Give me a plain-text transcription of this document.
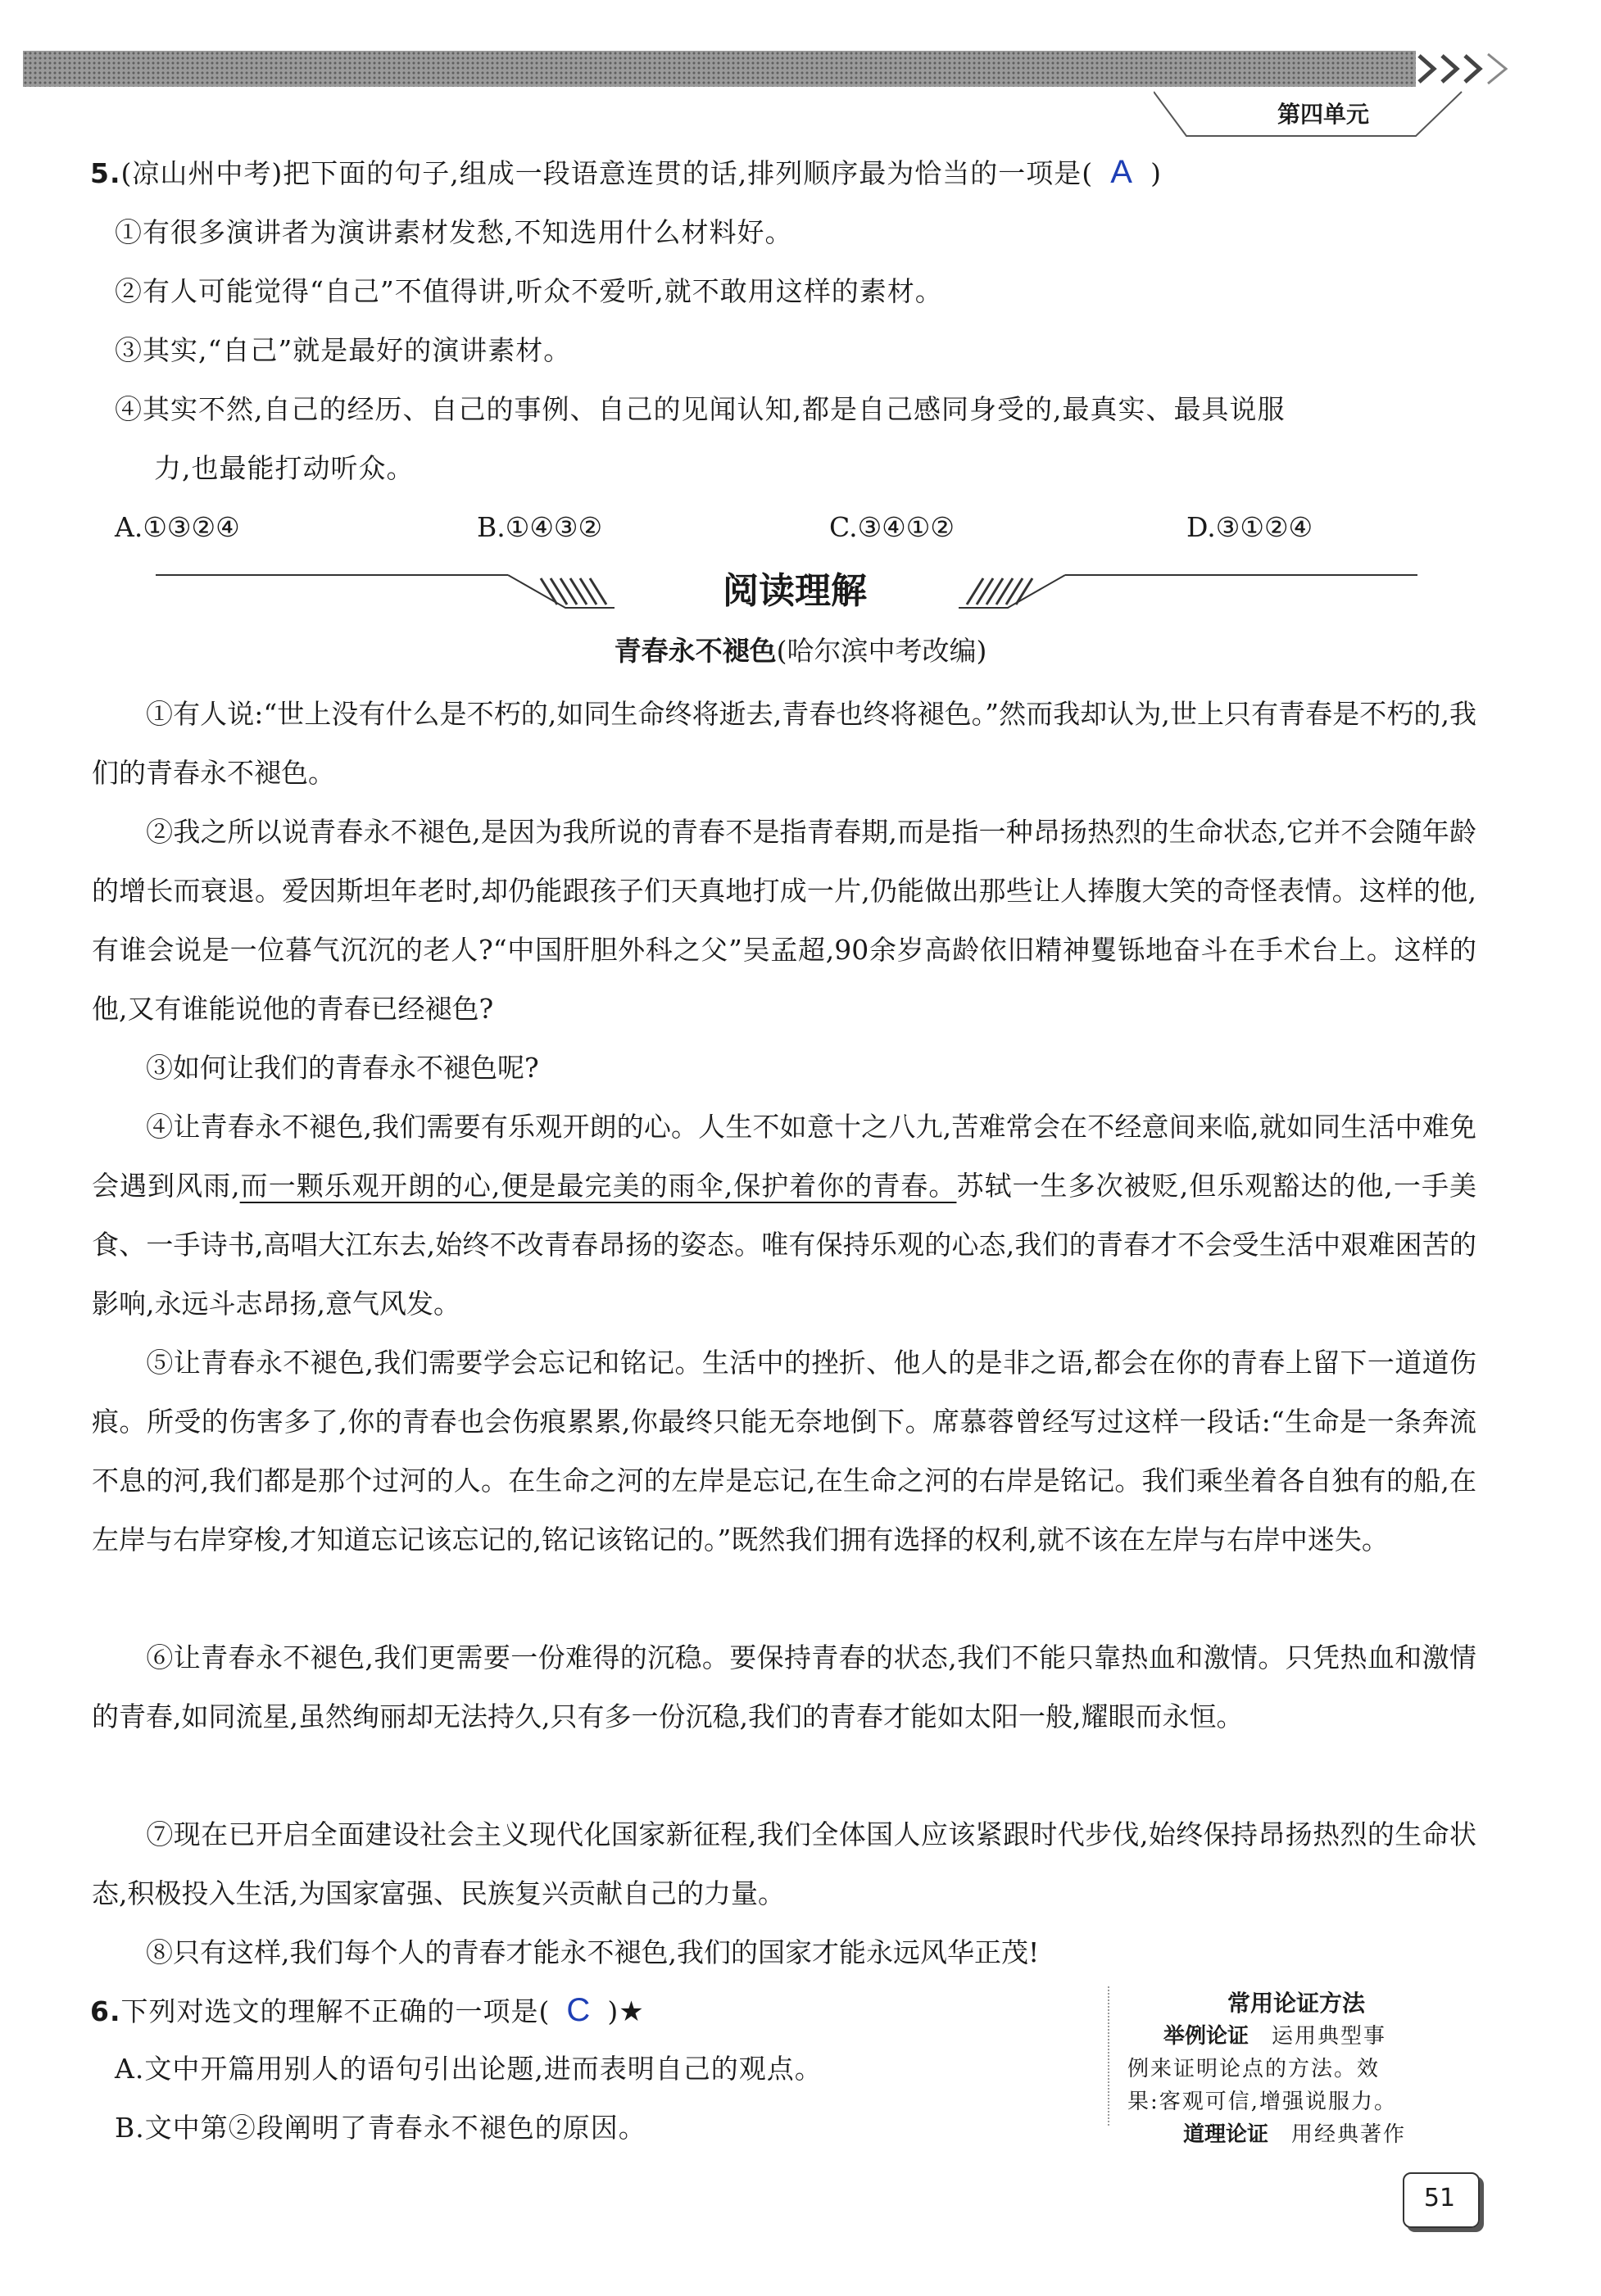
第四单元
5.(凉山州中考)把下面的句子,组成一段语意连贯的话,排列顺序最为恰当的一项是( A )
①有很多演讲者为演讲素材发愁,不知选用什么材料好。
②有人可能觉得“自己”不值得讲,听众不爱听,就不敢用这样的素材。
③其实,“自己”就是最好的演讲素材。
④其实不然,自己的经历、自己的事例、自己的见闻认知,都是自己感同身受的,最真实、最具说服
力,也最能打动听众。
A.①③②④	B.①④③②	C.③④①②	D.③①②④
阅读理解
青春永不褪色(哈尔滨中考改编)

①有人说:“世上没有什么是不朽的,如同生命终将逝去,青春也终将褪色。”然而我却认为,世上只有青春是不朽的,我们的青春永不褪色。

②我之所以说青春永不褪色,是因为我所说的青春不是指青春期,而是指一种昂扬热烈的生命状态,它并不会随年龄的增长而衰退。爱因斯坦年老时,却仍能跟孩子们天真地打成一片,仍能做出那些让人捧腹大笑的奇怪表情。这样的他,有谁会说是一位暮气沉沉的老人?“中国肝胆外科之父”吴孟超,90余岁高龄依旧精神矍铄地奋斗在手术台上。这样的他,又有谁能说他的青春已经褪色?

③如何让我们的青春永不褪色呢?

④让青春永不褪色,我们需要有乐观开朗的心。人生不如意十之八九,苦难常会在不经意间来临,就如同生活中难免会遇到风雨,而一颗乐观开朗的心,便是最完美的雨伞,保护着你的青春。苏轼一生多次被贬,但乐观豁达的他,一手美食、一手诗书,高唱大江东去,始终不改青春昂扬的姿态。唯有保持乐观的心态,我们的青春才不会受生活中艰难困苦的影响,永远斗志昂扬,意气风发。

⑤让青春永不褪色,我们需要学会忘记和铭记。生活中的挫折、他人的是非之语,都会在你的青春上留下一道道伤痕。所受的伤害多了,你的青春也会伤痕累累,你最终只能无奈地倒下。席慕蓉曾经写过这样一段话:“生命是一条奔流不息的河,我们都是那个过河的人。在生命之河的左岸是忘记,在生命之河的右岸是铭记。我们乘坐着各自独有的船,在左岸与右岸穿梭,才知道忘记该忘记的,铭记该铭记的。”既然我们拥有选择的权利,就不该在左岸与右岸中迷失。

⑥让青春永不褪色,我们更需要一份难得的沉稳。要保持青春的状态,我们不能只靠热血和激情。只凭热血和激情的青春,如同流星,虽然绚丽却无法持久,只有多一份沉稳,我们的青春才能如太阳一般,耀眼而永恒。

⑦现在已开启全面建设社会主义现代化国家新征程,我们全体国人应该紧跟时代步伐,始终保持昂扬热烈的生命状态,积极投入生活,为国家富强、民族复兴贡献自己的力量。

⑧只有这样,我们每个人的青春才能永不褪色,我们的国家才能永远风华正茂!

6.下列对选文的理解不正确的一项是( C )★
A.文中开篇用别人的语句引出论题,进而表明自己的观点。
B.文中第②段阐明了青春永不褪色的原因。
常用论证方法
举例论证 运用典型事
例来证明论点的方法。效
果:客观可信,增强说服力。
道理论证 用经典著作
51
